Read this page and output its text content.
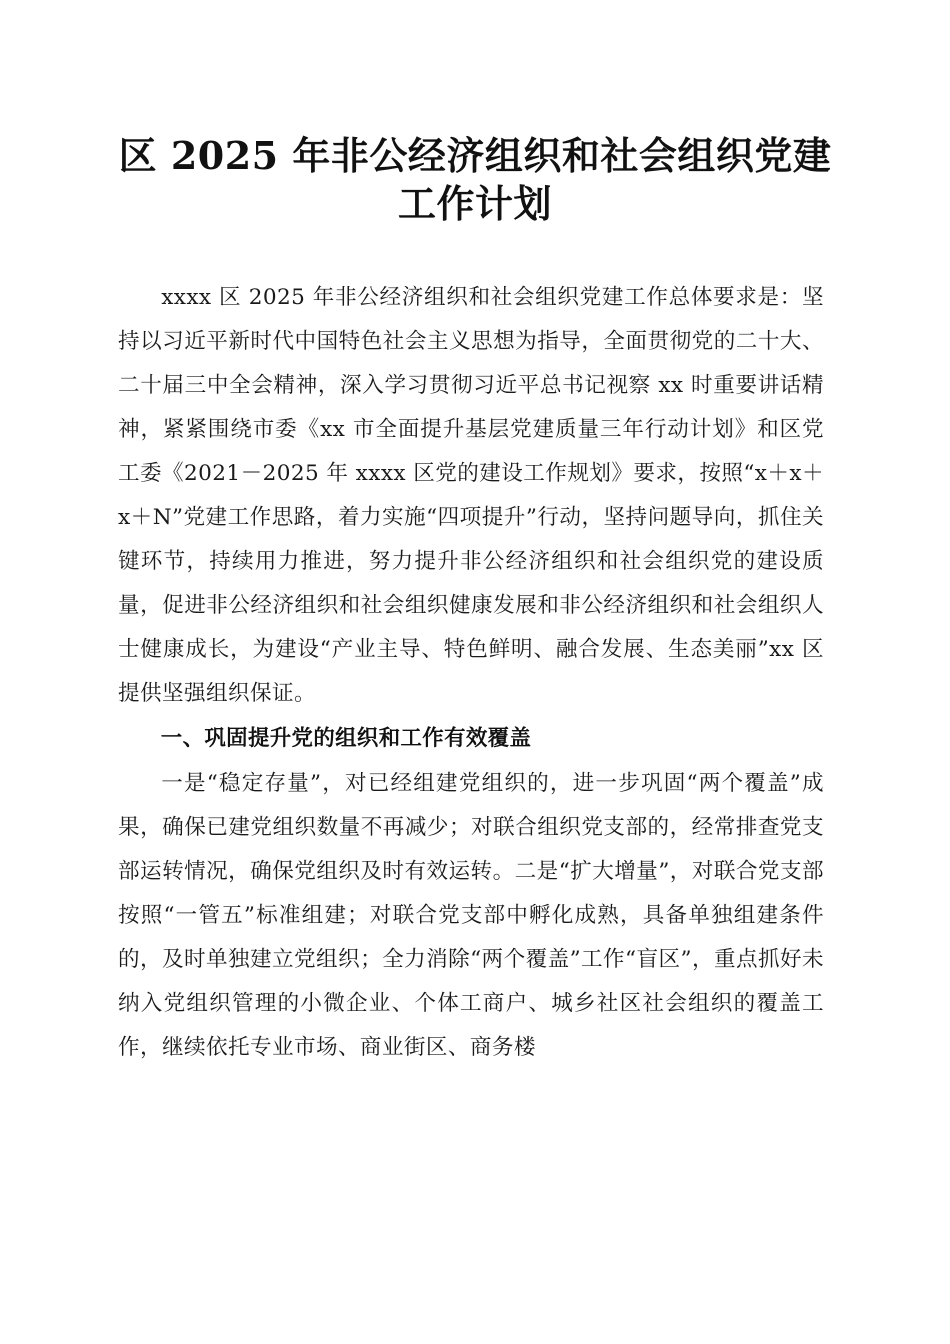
区 2025 年非公经济组织和社会组织党建工作计划

xxxx 区 2025 年非公经济组织和社会组织党建工作总体要求是：坚持以习近平新时代中国特色社会主义思想为指导，全面贯彻党的二十大、二十届三中全会精神，深入学习贯彻习近平总书记视察 xx 时重要讲话精神，紧紧围绕市委《xx 市全面提升基层党建质量三年行动计划》和区党工委《2021－2025 年 xxxx 区党的建设工作规划》要求，按照“x＋x＋x＋N”党建工作思路，着力实施“四项提升”行动，坚持问题导向，抓住关键环节，持续用力推进，努力提升非公经济组织和社会组织党的建设质量，促进非公经济组织和社会组织健康发展和非公经济组织和社会组织人士健康成长，为建设“产业主导、特色鲜明、融合发展、生态美丽”xx 区提供坚强组织保证。

一、巩固提升党的组织和工作有效覆盖

一是“稳定存量”，对已经组建党组织的，进一步巩固“两个覆盖”成果，确保已建党组织数量不再减少；对联合组织党支部的，经常排查党支部运转情况，确保党组织及时有效运转。二是“扩大增量”，对联合党支部按照“一管五”标准组建；对联合党支部中孵化成熟，具备单独组建条件的，及时单独建立党组织；全力消除“两个覆盖”工作“盲区”，重点抓好未纳入党组织管理的小微企业、个体工商户、城乡社区社会组织的覆盖工作，继续依托专业市场、商业街区、商务楼
